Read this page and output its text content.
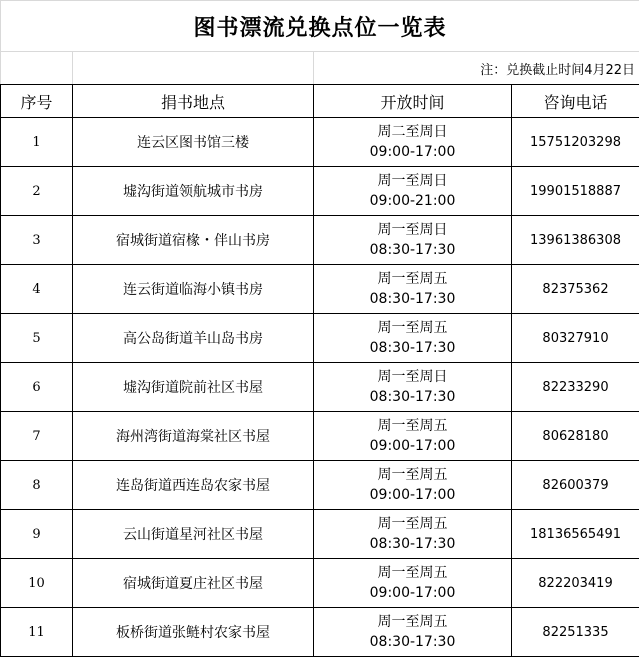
图书漂流兑换点位一览表			
		注：兑换截止时间4月22日	
序号	捐书地点	开放时间	咨询电话
1	连云区图书馆三楼	周二至周日
09:00-17:00	15751203298
2	墟沟街道领航城市书房	周一至周日
09:00-21:00	19901518887
3	宿城街道宿椽・伴山书房	周一至周日
08:30-17:30	13961386308
4	连云街道临海小镇书房	周一至周五
08:30-17:30	82375362
5	高公岛街道羊山岛书房	周一至周五
08:30-17:30	80327910
6	墟沟街道院前社区书屋	周一至周日
08:30-17:30	82233290
7	海州湾街道海棠社区书屋	周一至周五
09:00-17:00	80628180
8	连岛街道西连岛农家书屋	周一至周五
09:00-17:00	82600379
9	云山街道星河社区书屋	周一至周五
08:30-17:30	18136565491
10	宿城街道夏庄社区书屋	周一至周五
09:00-17:00	822203419
11	板桥街道张鲢村农家书屋	周一至周五
08:30-17:30	82251335
